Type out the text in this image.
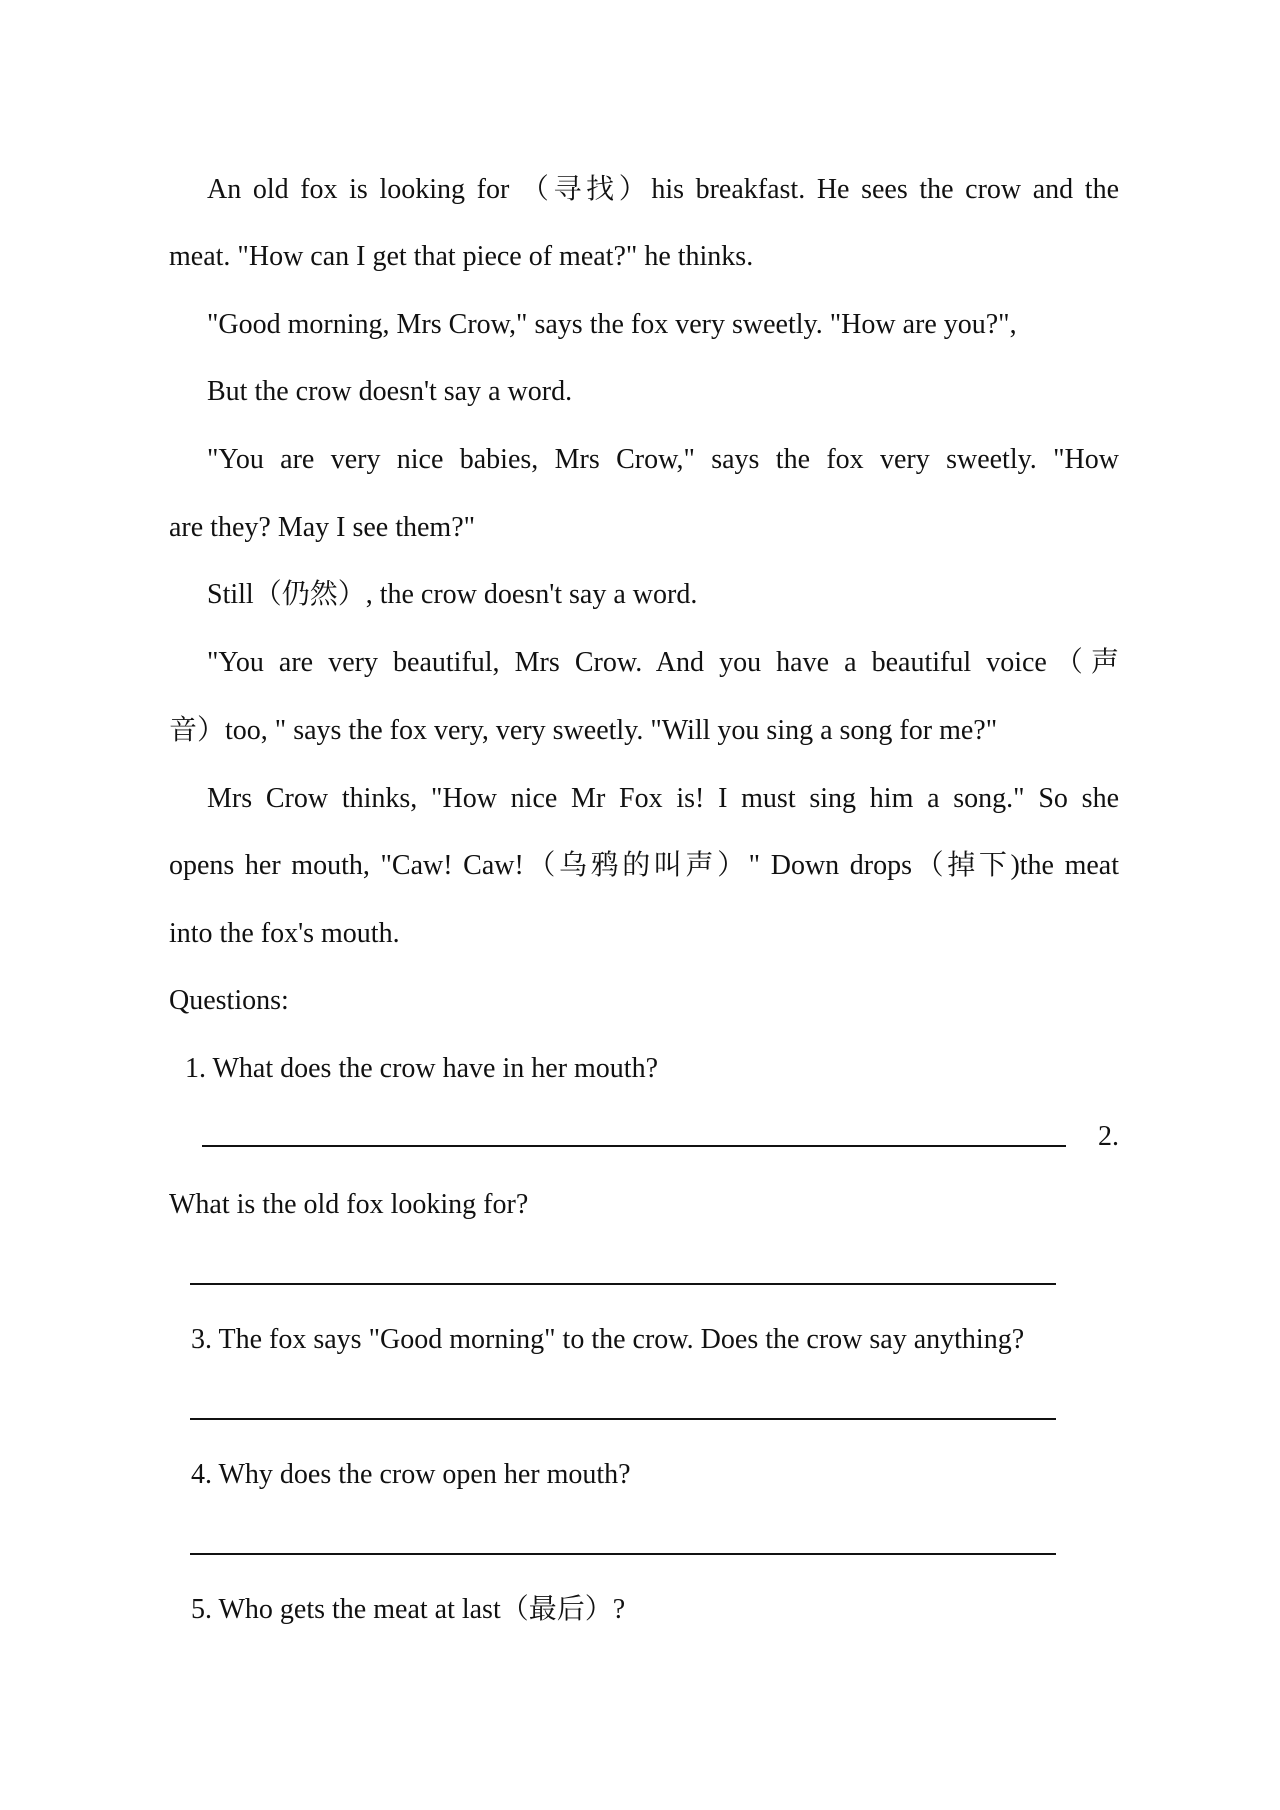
An old fox is looking for （寻找）his breakfast. He sees the crow and the
meat. "How can I get that piece of meat?" he thinks.
"Good morning, Mrs Crow," says the fox very sweetly. "How are you?",
But the crow doesn't say a word.
"You are very nice babies, Mrs Crow," says the fox very sweetly. "How
are they? May I see them?"
Still（仍然）, the crow doesn't say a word.
"You are very beautiful, Mrs Crow. And you have a beautiful voice（声
音）too, " says the fox very, very sweetly. "Will you sing a song for me?"
Mrs Crow thinks, "How nice Mr Fox is! I must sing him a song." So she
opens her mouth, "Caw! Caw!（乌鸦的叫声）" Down drops（掉下)the meat
into the fox's mouth.
Questions:
1. What does the crow have in her mouth?
2.
What is the old fox looking for?
3. The fox says "Good morning" to the crow. Does the crow say anything?
4. Why does the crow open her mouth?
5. Who gets the meat at last（最后）?
